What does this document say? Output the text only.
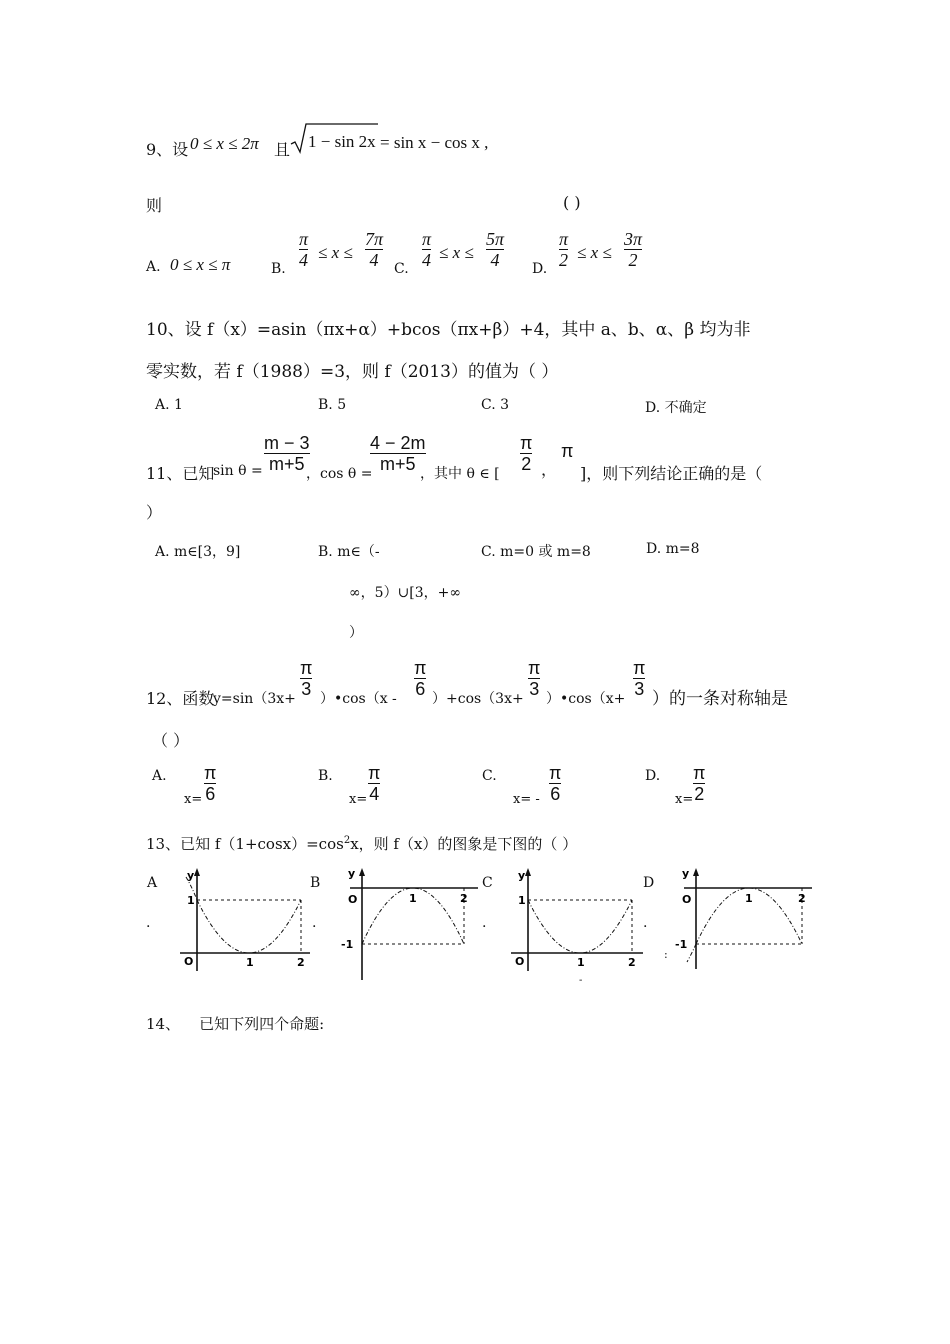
9、设 0 ≤ x ≤ 2π 且 1 − sin 2x = sin x − cos x ,
则	( )
A. 0 ≤ x ≤ π	B.
π
4 ≤ x ≤
7π
4 C.
π
4 ≤ x ≤
5π
4 D.
π
2 ≤ x ≤
3π
2
10、设 f（x）=asin（πx+α）+bcos（πx+β）+4，其中 a、b、α、β 均为非
零实数，若 f（1988）=3，则 f（2013）的值为（ ）
A. 1	B. 5	C. 3	D. 不确定
11、已知
sin θ =
m − 3
m+5 ，cos θ =
4 − 2m
m+5 ，其中 θ ∈ [
π
2 ，
π
]，则下列结论正确的是（
）
A. m∈[3，9]	B. m∈（-
∞，5）∪[3，+∞
）
C. m=0 或 m=8	D. m=8
12、函数
y=sin（3x+
π
3 ）•cos（x -
π
6 ）+cos（3x+
π
3 ）•cos（x+
π
3 ）的一条对称轴是
（ ）
A.
x=
π
6
B.
x=
π
4
C.
x= -
π
6
D.
x=
π
2
13、已知 $f(1+\cos x)=\cos^2x$，则 f（x）的图象是下图的（ ）
A
.
B
.
C
.
D
.
:
-
y
1
O	1	2
y
O
-1
1	2
y
1
O	1	2
y
O
-1
1	2
14、    已知下列四个命题:
